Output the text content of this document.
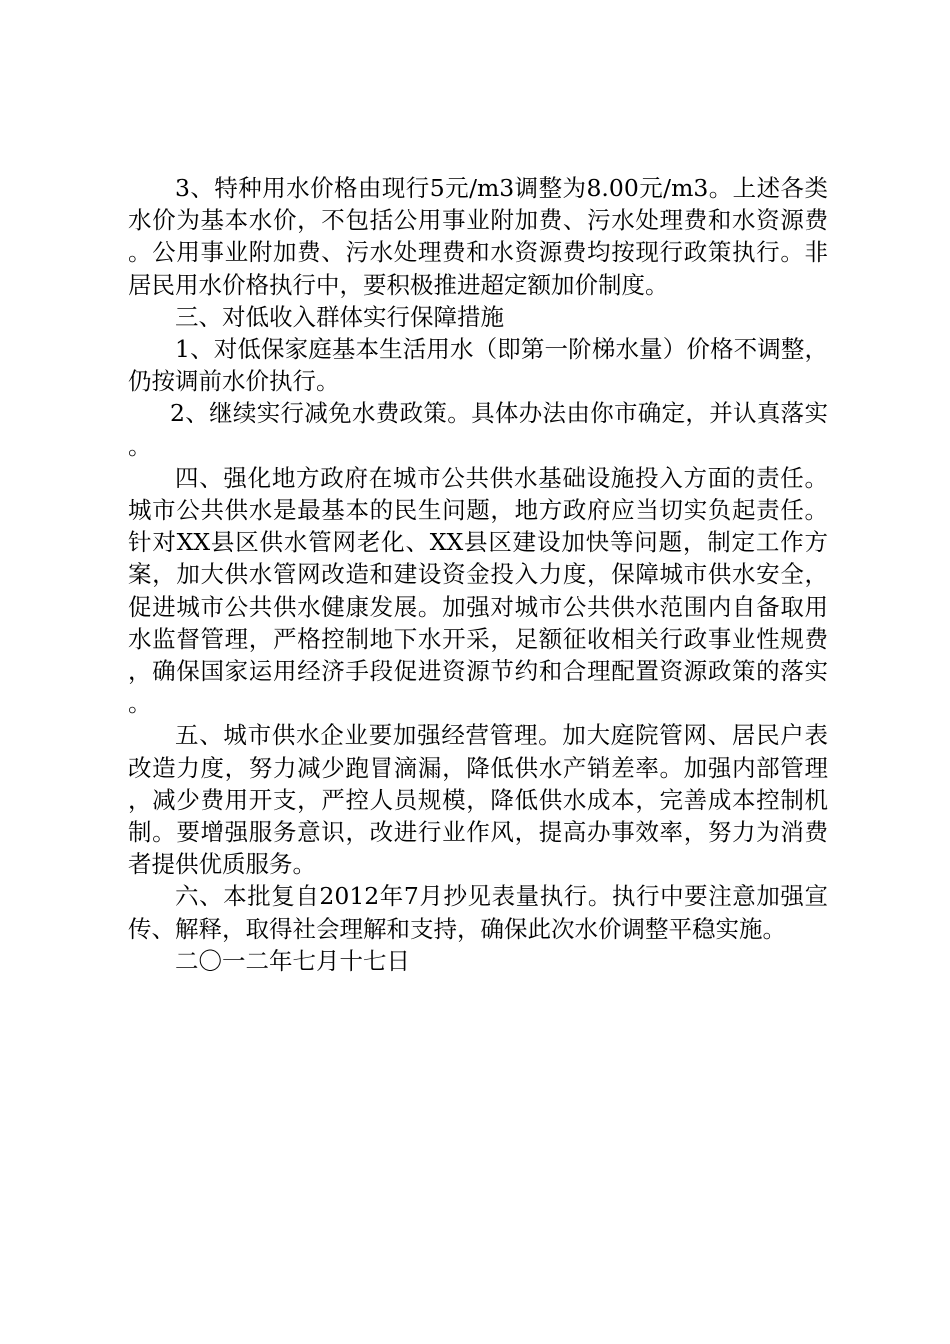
3、特种用水价格由现行5元/m3调整为8.00元/m3。上述各类水价为基本水价，不包括公用事业附加费、污水处理费和水资源费。公用事业附加费、污水处理费和水资源费均按现行政策执行。非居民用水价格执行中，要积极推进超定额加价制度。

三、对低收入群体实行保障措施

1、对低保家庭基本生活用水（即第一阶梯水量）价格不调整，仍按调前水价执行。

2、继续实行减免水费政策。具体办法由你市确定，并认真落实。

四、强化地方政府在城市公共供水基础设施投入方面的责任。城市公共供水是最基本的民生问题，地方政府应当切实负起责任。针对XX县区供水管网老化、XX县区建设加快等问题，制定工作方案，加大供水管网改造和建设资金投入力度，保障城市供水安全，促进城市公共供水健康发展。加强对城市公共供水范围内自备取用水监督管理，严格控制地下水开采，足额征收相关行政事业性规费，确保国家运用经济手段促进资源节约和合理配置资源政策的落实。

五、城市供水企业要加强经营管理。加大庭院管网、居民户表改造力度，努力减少跑冒滴漏，降低供水产销差率。加强内部管理，减少费用开支，严控人员规模，降低供水成本，完善成本控制机制。要增强服务意识，改进行业作风，提高办事效率，努力为消费者提供优质服务。

六、本批复自2012年7月抄见表量执行。执行中要注意加强宣传、解释，取得社会理解和支持，确保此次水价调整平稳实施。

二〇一二年七月十七日
